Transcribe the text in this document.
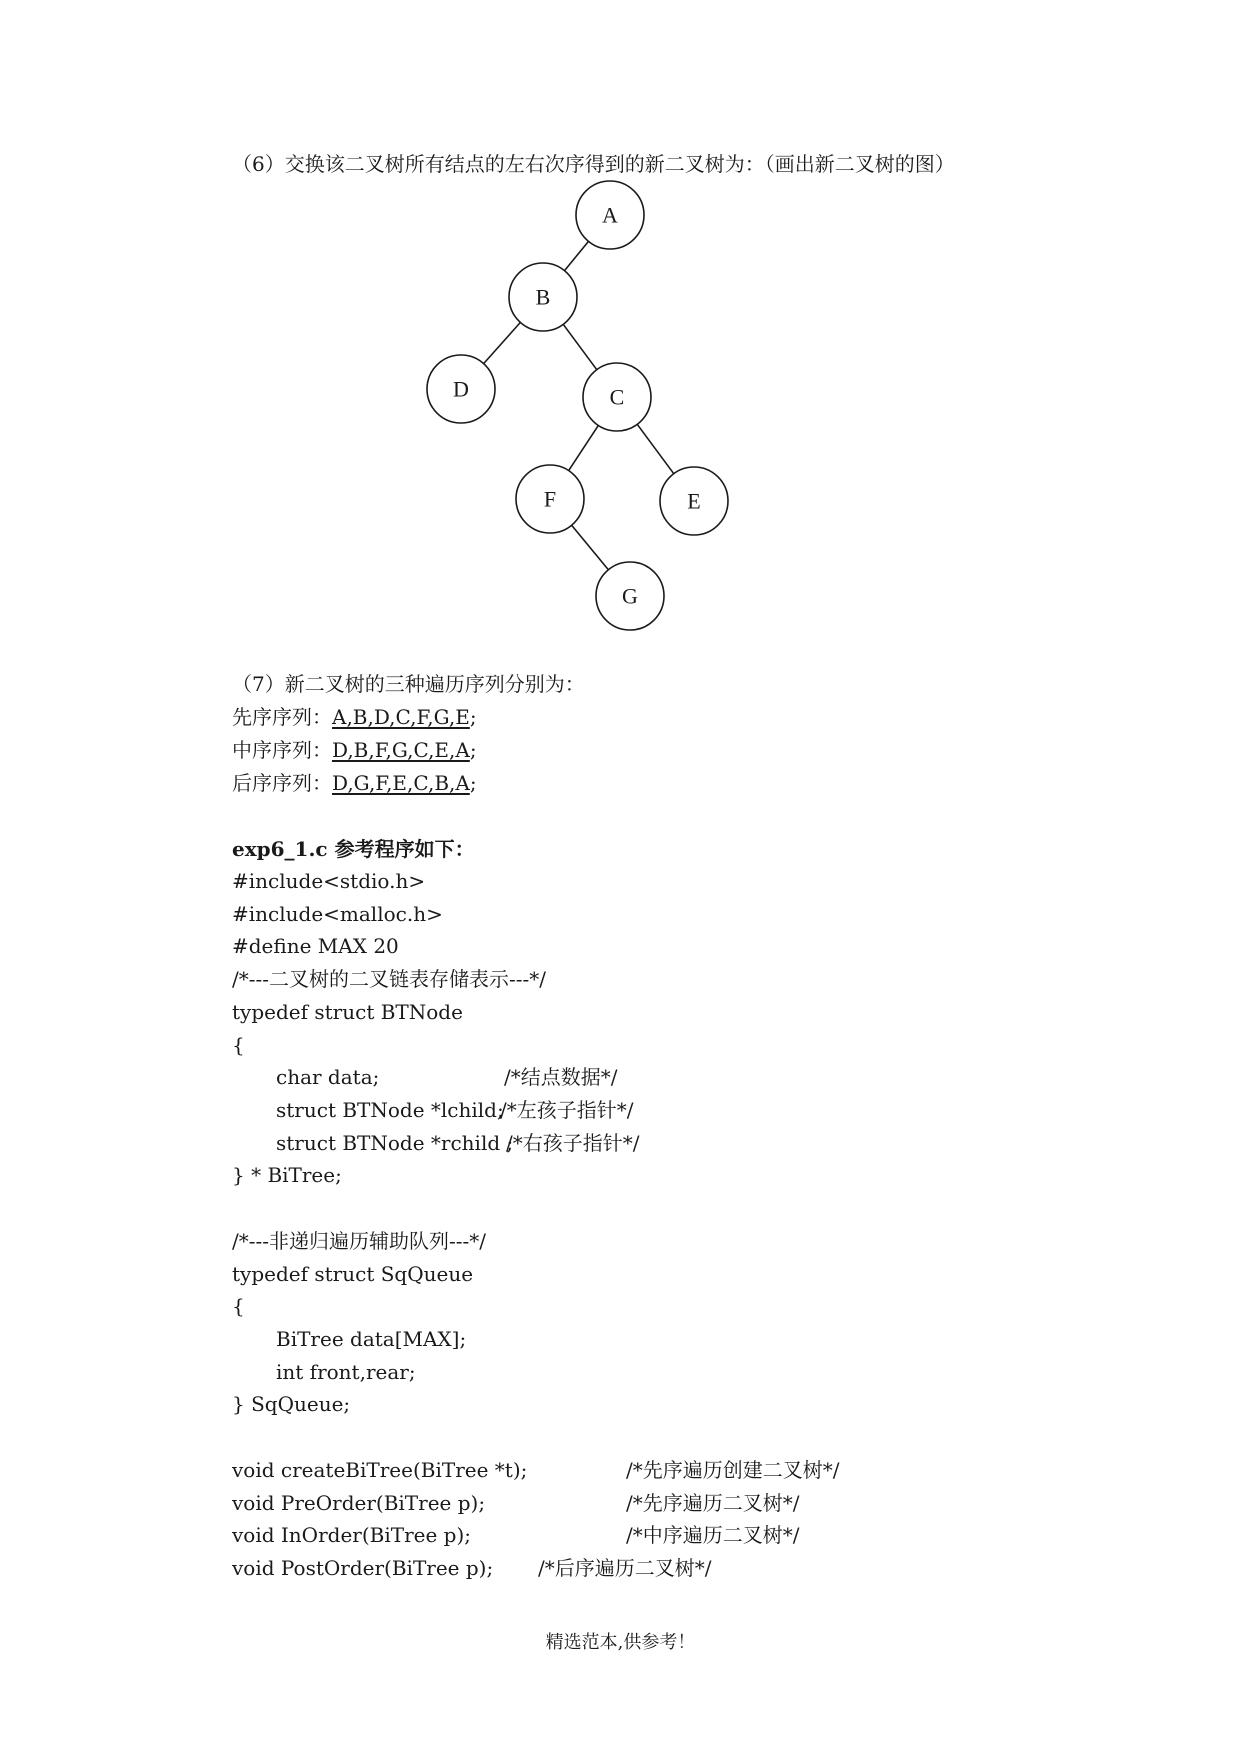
（6）交换该二叉树所有结点的左右次序得到的新二叉树为：（画出新二叉树的图）
A
B
D	C
F	E
G
（7）新二叉树的三种遍历序列分别为：
先序序列：A,B,D,C,F,G,E;
中序序列：D,B,F,G,C,E,A;
后序序列：D,G,F,E,C,B,A;
exp6_1.c 参考程序如下：
#include<stdio.h>
#include<malloc.h>
#define MAX 20
/*---二叉树的二叉链表存储表示---*/
typedef struct BTNode
{
char data;	/*结点数据*/
struct BTNode *lchild;
/*左孩子指针*/
struct BTNode *rchild ;
/*右孩子指针*/
} * BiTree;
/*---非递归遍历辅助队列---*/
typedef struct SqQueue
{
BiTree data[MAX];
int front,rear;
} SqQueue;
void createBiTree(BiTree *t);	/*先序遍历创建二叉树*/
void PreOrder(BiTree p);	/*先序遍历二叉树*/
void InOrder(BiTree p);	/*中序遍历二叉树*/
void PostOrder(BiTree p); /*后序遍历二叉树*/
精选范本,供参考！
